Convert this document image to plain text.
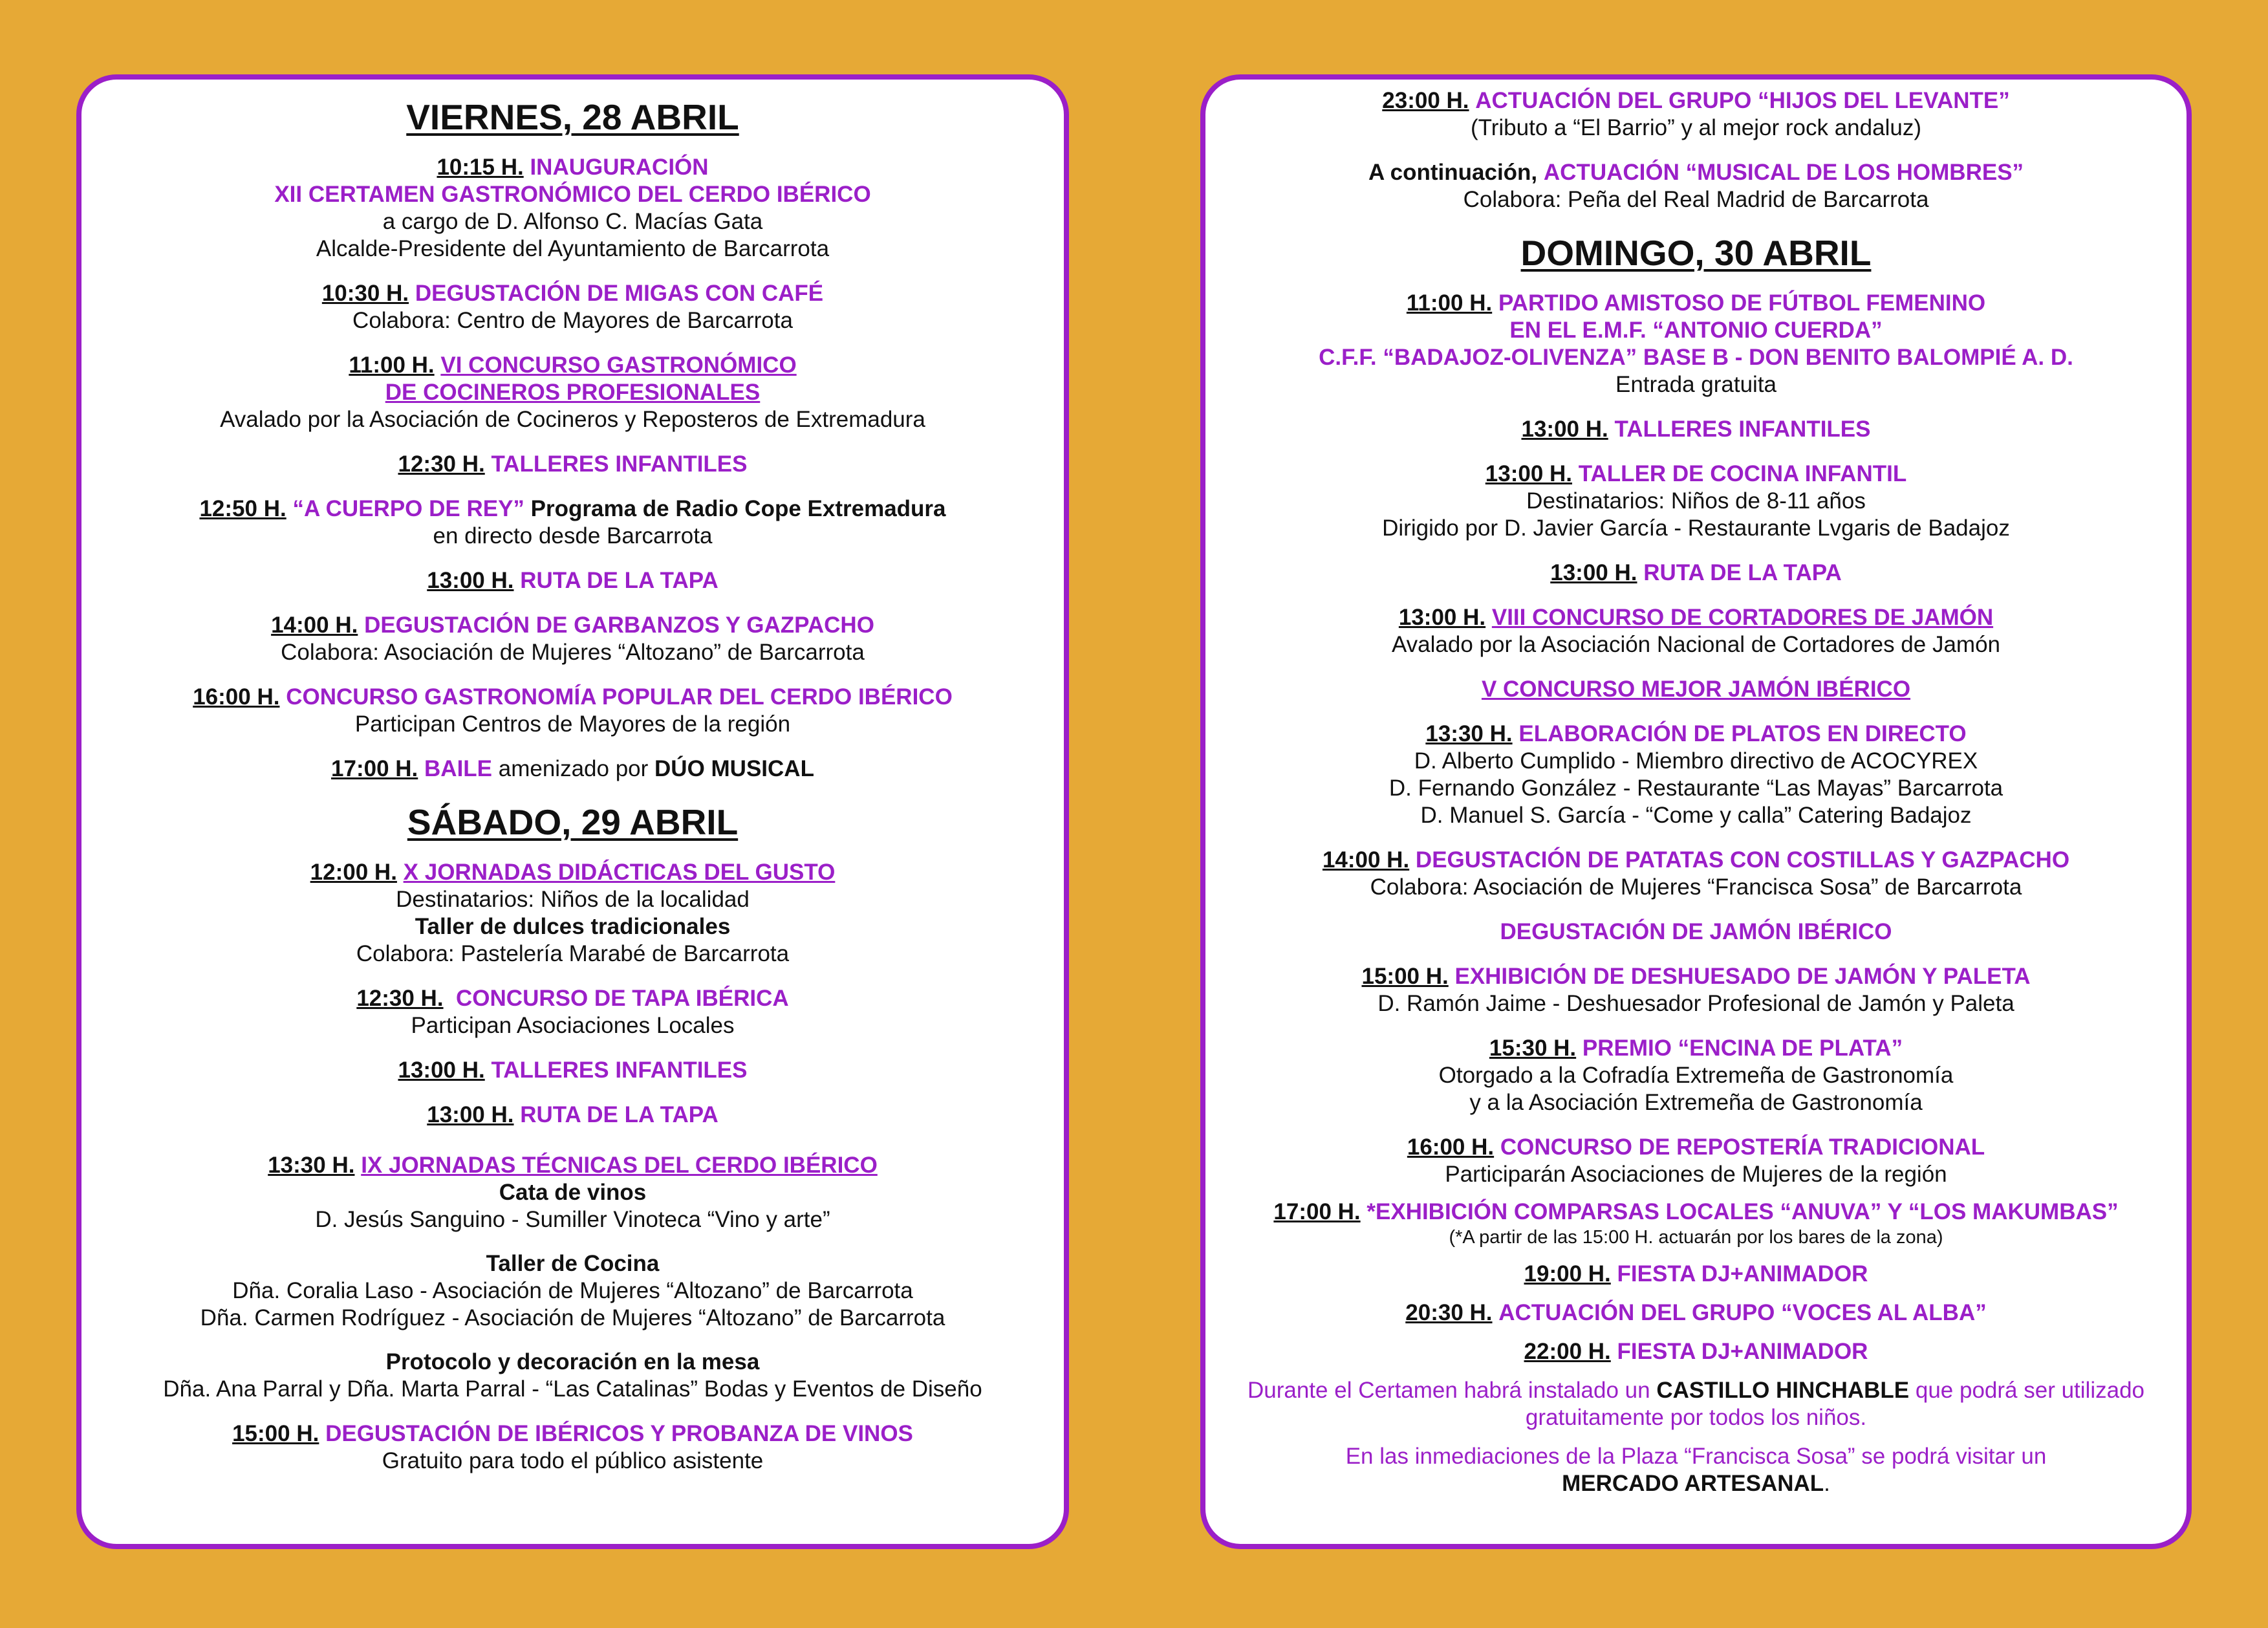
VIERNES, 28 ABRIL
10:15 H. INAUGURACIÓN
XII CERTAMEN GASTRONÓMICO DEL CERDO IBÉRICO
a cargo de D. Alfonso C. Macías Gata
Alcalde-Presidente del Ayuntamiento de Barcarrota
10:30 H. DEGUSTACIÓN DE MIGAS CON CAFÉ
Colabora: Centro de Mayores de Barcarrota
11:00 H. VI CONCURSO GASTRONÓMICO
DE COCINEROS PROFESIONALES
Avalado por la Asociación de Cocineros y Reposteros de Extremadura
12:30 H. TALLERES INFANTILES
12:50 H. “A CUERPO DE REY” Programa de Radio Cope Extremadura
en directo desde Barcarrota
13:00 H. RUTA DE LA TAPA
14:00 H. DEGUSTACIÓN DE GARBANZOS Y GAZPACHO
Colabora: Asociación de Mujeres “Altozano” de Barcarrota
16:00 H. CONCURSO GASTRONOMÍA POPULAR DEL CERDO IBÉRICO
Participan Centros de Mayores de la región
17:00 H. BAILE amenizado por DÚO MUSICAL
SÁBADO, 29 ABRIL
12:00 H. X JORNADAS DIDÁCTICAS DEL GUSTO
Destinatarios: Niños de la localidad
Taller de dulces tradicionales
Colabora: Pastelería Marabé de Barcarrota
12:30 H. CONCURSO DE TAPA IBÉRICA
Participan Asociaciones Locales
13:00 H. TALLERES INFANTILES
13:00 H. RUTA DE LA TAPA
13:30 H. IX JORNADAS TÉCNICAS DEL CERDO IBÉRICO
Cata de vinos
D. Jesús Sanguino - Sumiller Vinoteca “Vino y arte”
Taller de Cocina
Dña. Coralia Laso - Asociación de Mujeres “Altozano” de Barcarrota
Dña. Carmen Rodríguez - Asociación de Mujeres “Altozano” de Barcarrota
Protocolo y decoración en la mesa
Dña. Ana Parral y Dña. Marta Parral - “Las Catalinas” Bodas y Eventos de Diseño
15:00 H. DEGUSTACIÓN DE IBÉRICOS Y PROBANZA DE VINOS
Gratuito para todo el público asistente
23:00 H. ACTUACIÓN DEL GRUPO “HIJOS DEL LEVANTE”
(Tributo a “El Barrio” y al mejor rock andaluz)
A continuación, ACTUACIÓN “MUSICAL DE LOS HOMBRES”
Colabora: Peña del Real Madrid de Barcarrota
DOMINGO, 30 ABRIL
11:00 H. PARTIDO AMISTOSO DE FÚTBOL FEMENINO
EN EL E.M.F. “ANTONIO CUERDA”
C.F.F. “BADAJOZ-OLIVENZA” BASE B - DON BENITO BALOMPIÉ A. D.
Entrada gratuita
13:00 H. TALLERES INFANTILES
13:00 H. TALLER DE COCINA INFANTIL
Destinatarios: Niños de 8-11 años
Dirigido por D. Javier García - Restaurante Lvgaris de Badajoz
13:00 H. RUTA DE LA TAPA
13:00 H. VIII CONCURSO DE CORTADORES DE JAMÓN
Avalado por la Asociación Nacional de Cortadores de Jamón
V CONCURSO MEJOR JAMÓN IBÉRICO
13:30 H. ELABORACIÓN DE PLATOS EN DIRECTO
D. Alberto Cumplido - Miembro directivo de ACOCYREX
D. Fernando González - Restaurante “Las Mayas” Barcarrota
D. Manuel S. García - “Come y calla” Catering Badajoz
14:00 H. DEGUSTACIÓN DE PATATAS CON COSTILLAS Y GAZPACHO
Colabora: Asociación de Mujeres “Francisca Sosa” de Barcarrota
DEGUSTACIÓN DE JAMÓN IBÉRICO
15:00 H. EXHIBICIÓN DE DESHUESADO DE JAMÓN Y PALETA
D. Ramón Jaime - Deshuesador Profesional de Jamón y Paleta
15:30 H. PREMIO “ENCINA DE PLATA”
Otorgado a la Cofradía Extremeña de Gastronomía
y a la Asociación Extremeña de Gastronomía
16:00 H. CONCURSO DE REPOSTERÍA TRADICIONAL
Participarán Asociaciones de Mujeres de la región
17:00 H. *EXHIBICIÓN COMPARSAS LOCALES “ANUVA” Y “LOS MAKUMBAS”
(*A partir de las 15:00 H. actuarán por los bares de la zona)
19:00 H. FIESTA DJ+ANIMADOR
20:30 H. ACTUACIÓN DEL GRUPO “VOCES AL ALBA”
22:00 H. FIESTA DJ+ANIMADOR
Durante el Certamen habrá instalado un CASTILLO HINCHABLE que podrá ser utilizado
gratuitamente por todos los niños.
En las inmediaciones de la Plaza “Francisca Sosa” se podrá visitar un
MERCADO ARTESANAL.
